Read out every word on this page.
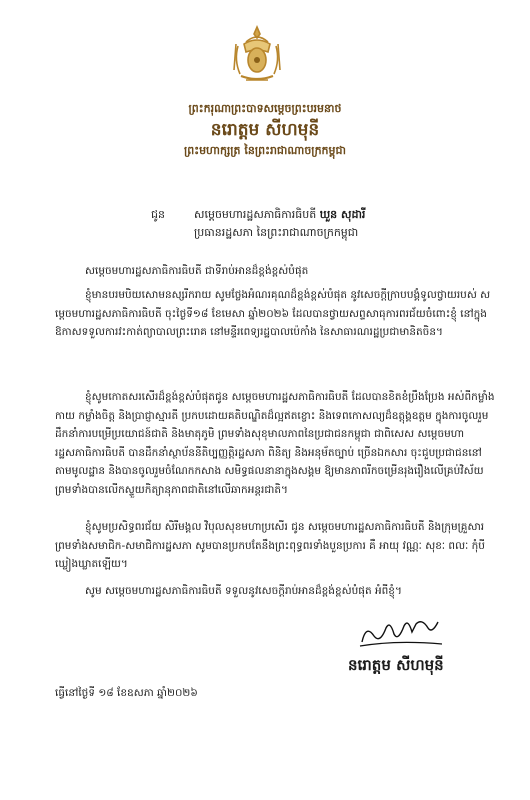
ព្រះករុណាព្រះបាទសម្តេចព្រះបរមនាថ
នរោត្តម សីហមុនី
ព្រះមហាក្សត្រ នៃព្រះរាជាណាចក្រកម្ពុជា
ជូន	សម្តេចមហារដ្ឋសភាធិការធិបតី ឃួន សុដារី
ប្រធានរដ្ឋសភា នៃព្រះរាជាណាចក្រកម្ពុជា

សម្តេចមហារដ្ឋសភាធិការធិបតី ជាទីរាប់អានដ៏ខ្ពង់ខ្ពស់បំផុត

ខ្ញុំមានបរមបិយសោមនស្សរីករាយ សូមថ្លែងអំណរគុណដ៏ខ្ពង់ខ្ពស់បំផុត នូវសេចក្តីក្រាបបង្គំទូលថ្វាយរបស់ សម្តេចមហារដ្ឋសភាធិការធិបតី ចុះថ្ងៃទី១៨ ខែមេសា ឆ្នាំ២០២៦ ដែលបានថ្វាយសព្ទសាធុការពរជ័យចំពោះខ្ញុំ នៅក្នុងឱកាសទទួលការវះកាត់ព្យាបាលព្រះរោគ នៅមន្ទីរពេទ្យរដ្ឋបាលប៉េកាំង នៃសាធារណរដ្ឋប្រជាមានិតចិន។

ខ្ញុំសូមកោតសរសើរដ៏ខ្ពង់ខ្ពស់បំផុតជូន សម្តេចមហារដ្ឋសភាធិការធិបតី ដែលបានខិតខំប្រឹងប្រែង អស់ពីកម្លាំងកាយ កម្លាំងចិត្ត និងប្រាជ្ញាស្មារតី ប្រកបដោយគតិបណ្ឌិតដ៏ល្អឥតខ្ចោះ និងទេពកោសល្យដ៏ឧត្តុង្គឧត្តម ក្នុងការចូលរួមដឹកនាំការបម្រើប្រយោជន៍ជាតិ និងមាតុភូមិ ព្រមទាំងសុខុមាលភាពនៃប្រជាជនកម្ពុជា ជាពិសេស សម្តេចមហារដ្ឋសភាធិការធិបតី បានដឹកនាំស្ថាប័ននីតិប្បញ្ញត្តិរដ្ឋសភា ពិនិត្យ និងអនុម័តច្បាប់ ច្រើនឯកសារ ចុះជួបប្រជាជននៅតាមមូលដ្ឋាន និងបានចូលរួមចំណែកកសាង សមិទ្ធផលនានាក្នុងសង្គម ឱ្យមានភាពរីកចម្រើនរុងរឿងលើគ្រប់វិស័យ ព្រមទាំងបានលើកស្ទួយកិត្យានុភាពជាតិនៅលើឆាកអន្តរជាតិ។

ខ្ញុំសូមប្រសិទ្ធពរជ័យ សិរីមង្គល វិបុលសុខមហាប្រសើរ ជូន សម្តេចមហារដ្ឋសភាធិការធិបតី និងក្រុមគ្រួសារ ព្រមទាំងសមាជិក-សមាជិការដ្ឋសភា សូមបានប្រកបតែនឹងព្រះពុទ្ធពរទាំងបួនប្រការ គឺ អាយុ វណ្ណៈ សុខៈ ពលៈ កុំបីឃ្លៀងឃ្លាតឡើយ។

សូម សម្តេចមហារដ្ឋសភាធិការធិបតី ទទួលនូវសេចក្តីរាប់អានដ៏ខ្ពង់ខ្ពស់បំផុត អំពីខ្ញុំ។

នរោត្តម សីហមុនី
ធ្វើនៅថ្ងៃទី ១៨ ខែឧសភា ឆ្នាំ២០២៦
